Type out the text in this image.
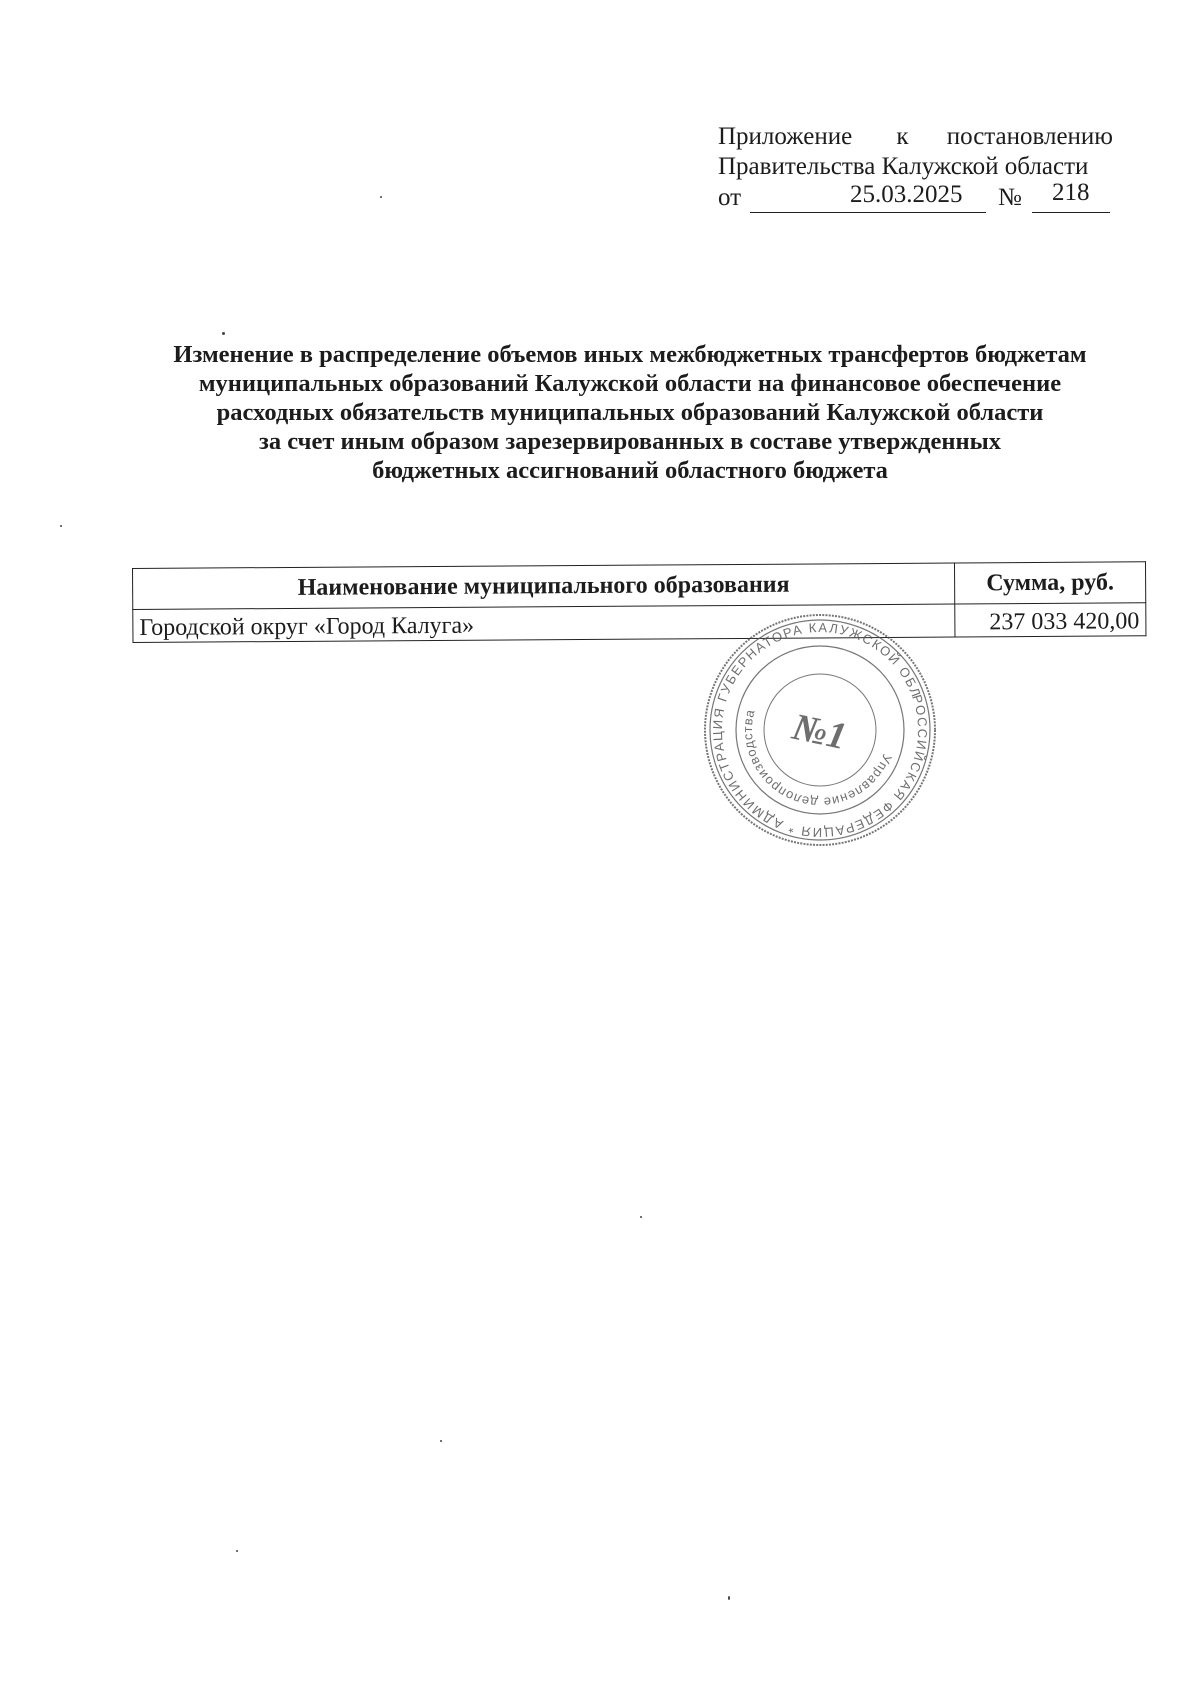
Приложение к постановлению
Правительства Калужской области
от	25.03.2025 № 218
Изменение в распределение объемов иных межбюджетных трансфертов бюджетам
муниципальных образований Калужской области на финансовое обеспечение
расходных обязательств муниципальных образований Калужской области
за счет иным образом зарезервированных в составе утвержденных
бюджетных ассигнований областного бюджета
Наименование муниципального образования	Сумма, руб.
Городской округ «Город Калуга»	237 033 420,00
РОССИЙСКАЯ ФЕДЕРАЦИЯ * АДМИНИСТРАЦИЯ ГУБЕРНАТОРА КАЛУЖСКОЙ ОБЛАСТИ
Управление делопроизводства №1
